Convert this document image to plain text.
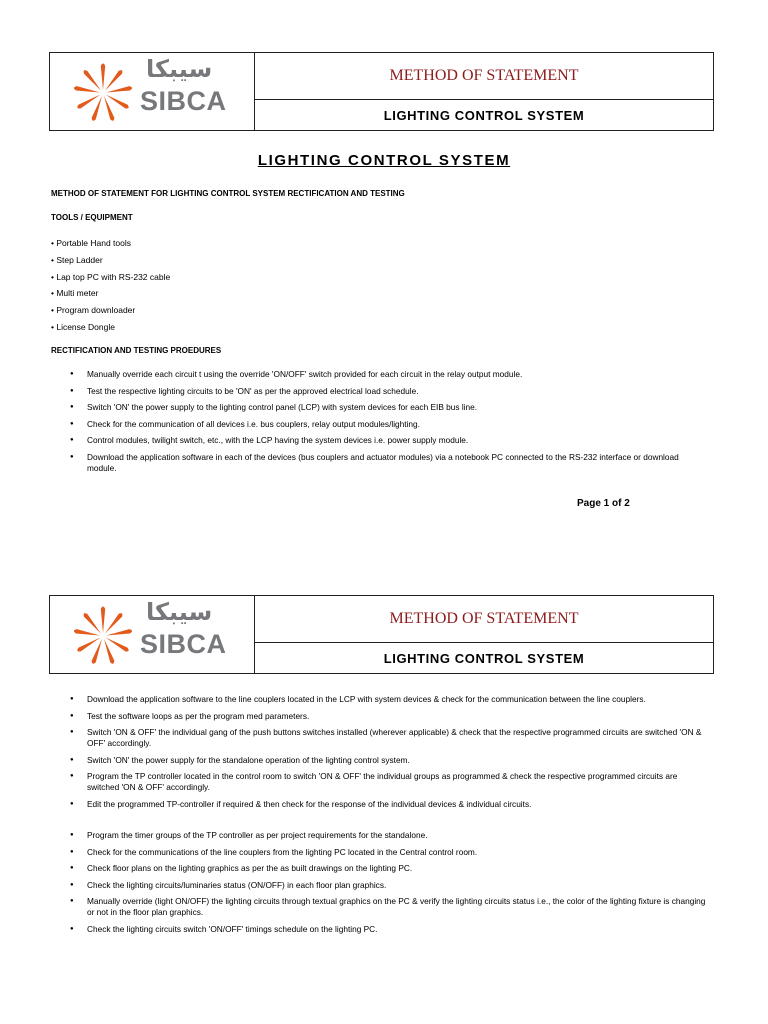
سيبكا
SIBCA
METHOD OF STATEMENT
LIGHTING CONTROL SYSTEM
LIGHTING CONTROL SYSTEM
METHOD OF STATEMENT FOR LIGHTING CONTROL SYSTEM RECTIFICATION AND TESTING
TOOLS / EQUIPMENT
• Portable Hand tools
• Step Ladder
• Lap top PC with RS-232 cable
• Multi meter
• Program downloader
• License Dongle
RECTIFICATION AND TESTING PROEDURES
● Manually override each circuit t using the override 'ON/OFF' switch provided for each circuit in the relay output module.
● Test the respective lighting circuits to be 'ON' as per the approved electrical load schedule.
● Switch 'ON' the power supply to the lighting control panel (LCP) with system devices for each EIB bus line.
● Check for the communication of all devices i.e. bus couplers, relay output modules/lighting.
● Control modules, twilight switch, etc., with the LCP having the system devices i.e. power supply module.
● Download the application software in each of the devices (bus couplers and actuator modules) via a notebook PC connected to the RS-232 interface or download module.
Page 1 of 2
سيبكا
SIBCA
METHOD OF STATEMENT
LIGHTING CONTROL SYSTEM
● Download the application software to the line couplers located in the LCP with system devices & check for the communication between the line couplers.
● Test the software loops as per the program med parameters.
● Switch 'ON & OFF' the individual gang of the push buttons switches installed (wherever applicable) & check that the respective programmed circuits are switched 'ON & OFF' accordingly.
● Switch 'ON' the power supply for the standalone operation of the lighting control system.
● Program the TP controller located in the control room to switch 'ON & OFF' the individual groups as programmed & check the respective programmed circuits are switched 'ON & OFF' accordingly.
● Edit the programmed TP-controller if required & then check for the response of the individual devices & individual circuits.
● Program the timer groups of the TP controller as per project requirements for the standalone.
● Check for the communications of the line couplers from the lighting PC located in the Central control room.
● Check floor plans on the lighting graphics as per the as built drawings on the lighting PC.
● Check the lighting circuits/luminaries status (ON/OFF) in each floor plan graphics.
● Manually override (light ON/OFF) the lighting circuits through textual graphics on the PC & verify the lighting circuits status i.e., the color of the lighting fixture is changing or not in the floor plan graphics.
● Check the lighting circuits switch 'ON/OFF' timings schedule on the lighting PC.
